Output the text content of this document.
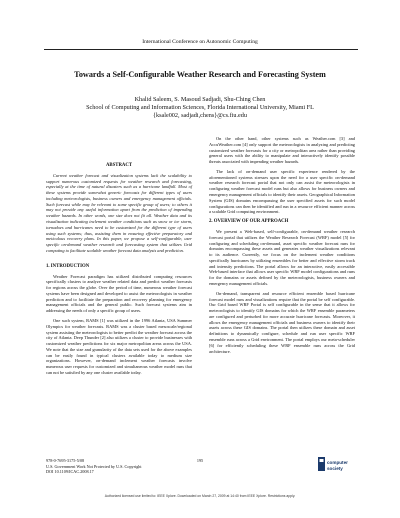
International Conference on Autonomic Computing
Towards a Self-Configurable Weather Research and Forecasting System
Khalid Saleem, S. Masoud Sadjadi, Shu-Ching Chen
School of Computing and Information Sciences, Florida International University, Miami FL
{ksale002, sadjadi,chens}@cs.fiu.edu
ABSTRACT

Current weather forecast and visualization systems lack the scalability to support numerous customized requests for weather research and forecasting, especially at the time of natural disasters such as a hurricane landfall. Most of these systems provide somewhat generic forecasts for different types of users including meteorologists, business owners and emergency management officials. Such forecast while may be relevant to some specific group of users; to others it may not provide any useful information apart from the prediction of impending weather hazards. In other words, one size does not fit all. Weather data and its visualization indicating inclement weather conditions such as snow or ice storm, tornadoes and hurricanes need to be customized for the different type of users using such systems; thus, assisting them in ensuring effective preparatory and meticulous recovery plans. In this paper, we propose a self-configurable, user specific on-demand weather research and forecasting system that utilizes Grid computing to facilitate scalable weather forecast data analysis and prediction.

1. INTRODUCTION

Weather Forecast paradigm has utilized distributed computing resources specifically clusters to analyze weather related data and predict weather forecasts for regions across the globe. Over the period of time, numerous weather forecast systems have been designed and developed to assist the meteorologists in weather prediction and to facilitate the preparation and recovery planning for emergency management officials and the general public. Such forecast systems aim in addressing the needs of only a specific group of users.

One such system, RAMS [1] was utilized in the 1996 Atlanta, USA Summer Olympics for weather forecasts. RAMS was a cluster based mesoscale/regional system assisting the meteorologists to better predict the weather forecast across the city of Atlanta. Deep Thunder [2] also utilizes a cluster to provide businesses with customized weather predictions for six major metropolitan areas across the USA. We note that the size and granularity of the data sets used for the above examples can be easily found in typical clusters available today to medium size organizations. However, on-demand inclement weather forecasts involve numerous user requests for customized and simultaneous weather model runs that can not be satisfied by any one cluster available today.

On the other hand, other systems such as Weather.com [3] and AccuWeather.com [4] only support the meteorologists in analyzing and predicting customized weather forecasts for a city or metropolitan area rather than providing general users with the ability to manipulate and interactively identify possible threats associated with impending weather hazards.

The lack of on-demand user specific experience rendered by the aforementioned systems stresses upon the need for a user specific on-demand weather research forecast portal that not only can assist the meteorologists in configuring weather forecast model runs but also allows for business owners and emergency management officials to identify their assets. Geographical Information System (GIS) domains encompassing the user specified assets for such model configurations can then be identified and run in a resource efficient manner across a scalable Grid computing environment.

2. OVERVIEW OF OUR APPROACH

We present a Web-based, self-configurable, on-demand weather research forecast portal that utilizes the Weather Research Forecast (WRF) model [5] for configuring and scheduling on-demand, asset specific weather forecast runs for domains encompassing these assets and generates weather visualizations relevant to its audience. Currently, we focus on the inclement weather conditions specifically hurricanes by utilizing ensembles for better and effective storm track and intensity predictions. The portal allows for an interactive, easily accessible Web-based interface that allows user specific WRF model configurations and runs for the domains or assets defined by the meteorologists, business owners and emergency management officials.

On-demand, transparent and resource efficient ensemble based hurricane forecast model runs and visualizations require that the portal be self configurable. Our Grid based WRF Portal is self configurable in the sense that it allows for meteorologists to identify GIS domains for which the WRF ensemble parameters are configured and perturbed for more accurate hurricane forecasts. Moreover, it allows the emergency management officials and business owners to identify their assets across these GIS domains. The portal then utilizes these domain and asset definitions to dynamically configure, schedule and run user specific WRF ensemble runs across a Grid environment. The portal employs our meta-scheduler [6] for efficiently scheduling these WRF ensemble runs across the Grid architecture.

978-0-7695-3175-5/08
U.S. Government Work Not Protected by U.S. Copyright
DOI 10.1109/ICAC.2008.17
195	computer
society
Authorized licensed use limited to: IEEE Xplore. Downloaded on March 27, 2009 at 14:40 from IEEE Xplore. Restrictions apply.
